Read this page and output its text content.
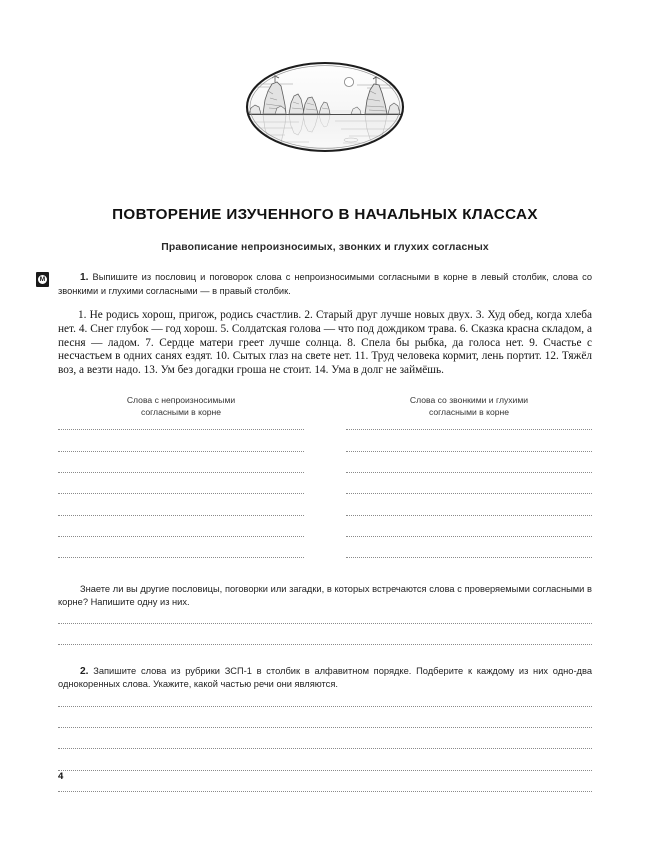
ПОВТОРЕНИЕ ИЗУЧЕННОГО В НАЧАЛЬНЫХ КЛАССАХ
Правописание непроизносимых, звонких и глухих согласных
М	1. Выпишите из пословиц и поговорок слова с непроизносимыми согласными в корне в левый столбик, слова со звонкими и глухими согласными — в правый столбик.

1. Не родись хорош, пригож, родись счастлив. 2. Старый друг лучше новых двух. 3. Худ обед, когда хлеба нет. 4. Снег глубок — год хорош. 5. Солдатская голова — что под дождиком трава. 6. Сказка красна складом, а песня — ладом. 7. Сердце матери греет лучше солнца. 8. Спела бы рыбка, да голоса нет. 9. Счастье с несчастьем в одних санях ездят. 10. Сытых глаз на свете нет. 11. Труд человека кормит, лень портит. 12. Тяжёл воз, а везти надо. 13. Ум без догадки гроша не стоит. 14. Ума в долг не займёшь.

Слова с непроизносимыми
согласными в корне
Слова со звонкими и глухими
согласными в корне

Знаете ли вы другие пословицы, поговорки или загадки, в которых встречаются слова с проверяемыми согласными в корне? Напишите одну из них.

2. Запишите слова из рубрики ЗСП-1 в столбик в алфавитном порядке. Подберите к каждому из них одно-два однокоренных слова. Укажите, какой частью речи они являются.

4
